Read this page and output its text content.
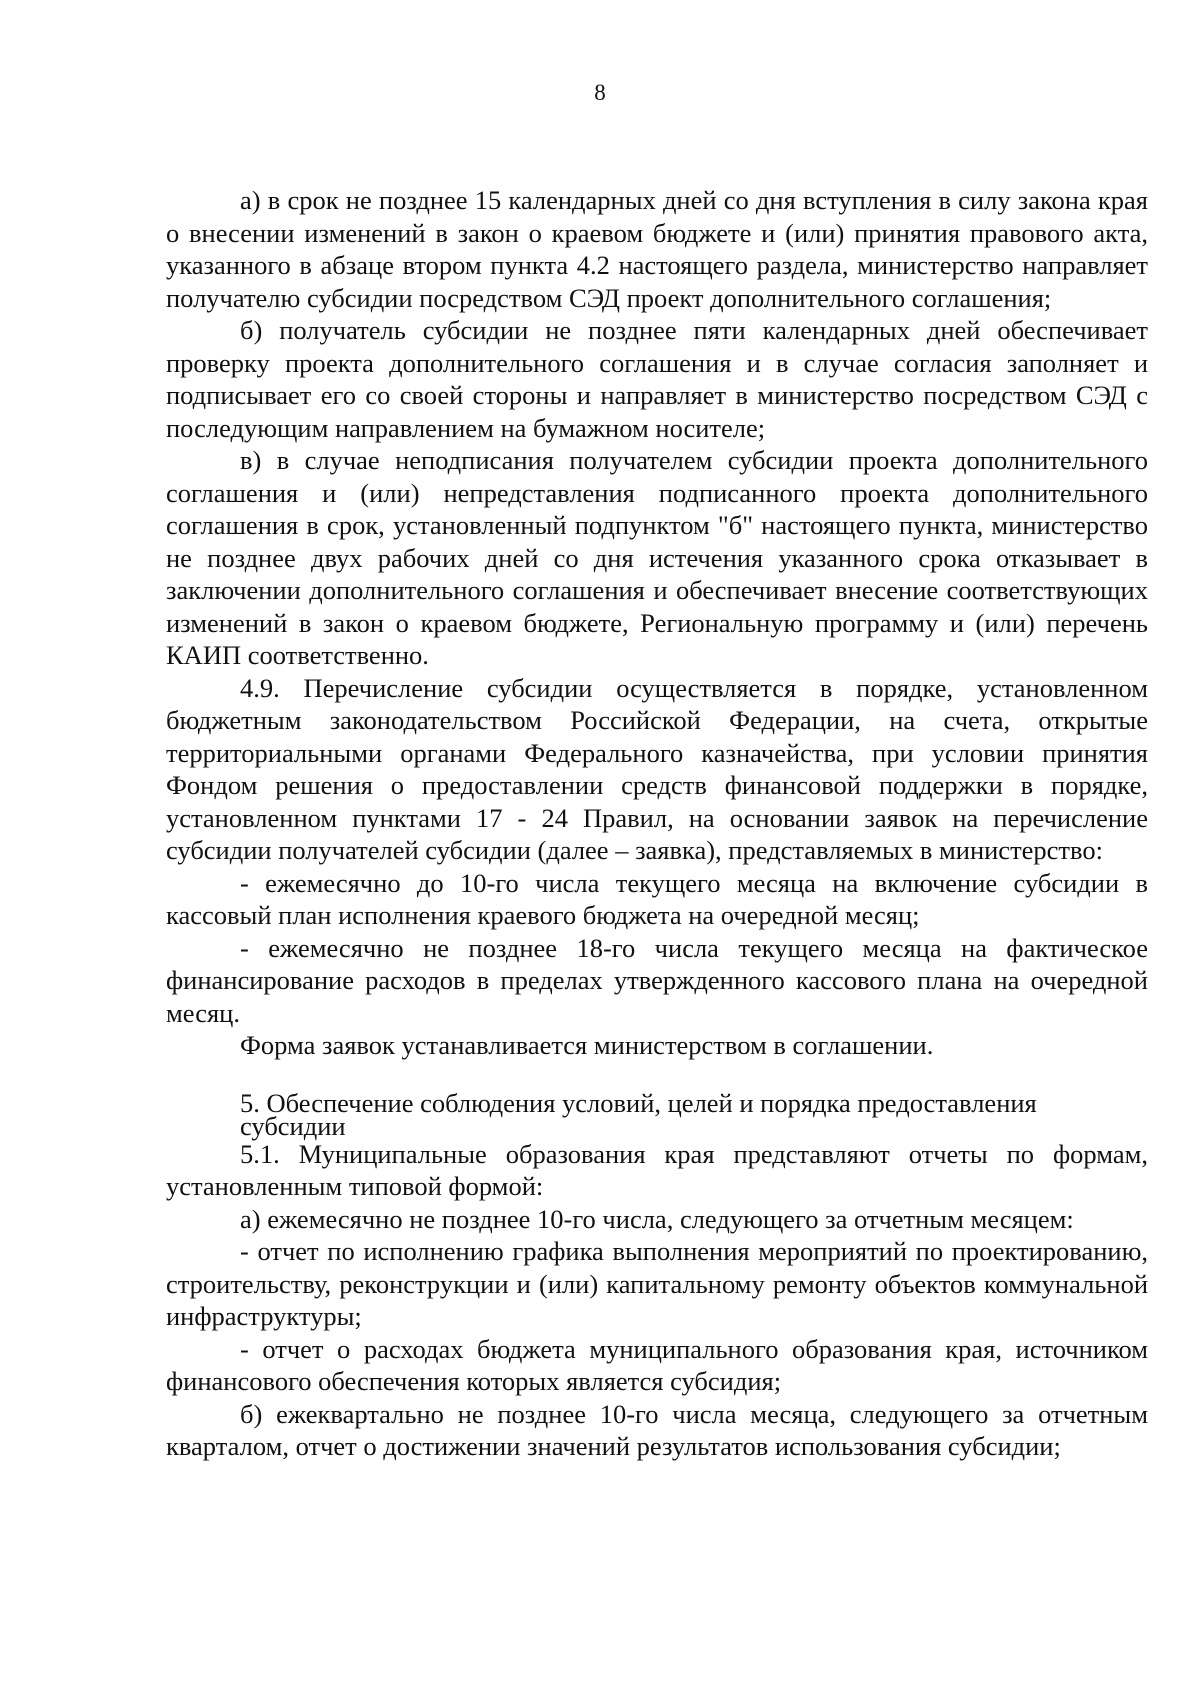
8

а) в срок не позднее 15 календарных дней со дня вступления в силу закона края о внесении изменений в закон о краевом бюджете и (или) принятия правового акта, указанного в абзаце втором пункта 4.2 настоящего раздела, министерство направляет получателю субсидии посредством СЭД проект дополнительного соглашения;

б) получатель субсидии не позднее пяти календарных дней обеспечивает проверку проекта дополнительного соглашения и в случае согласия заполняет и подписывает его со своей стороны и направляет в министерство посредством СЭД с последующим направлением на бумажном носителе;

в) в случае неподписания получателем субсидии проекта дополнительного соглашения и (или) непредставления подписанного проекта дополнительного соглашения в срок, установленный подпунктом "б" настоящего пункта, министерство не позднее двух рабочих дней со дня истечения указанного срока отказывает в заключении дополнительного соглашения и обеспечивает внесение соответствующих изменений в закон о краевом бюджете, Региональную программу и (или) перечень КАИП соответственно.

4.9. Перечисление субсидии осуществляется в порядке, установленном бюджетным законодательством Российской Федерации, на счета, открытые территориальными органами Федерального казначейства, при условии принятия Фондом решения о предоставлении средств финансовой поддержки в порядке, установленном пунктами 17 - 24 Правил, на основании заявок на перечисление субсидии получателей субсидии (далее – заявка), представляемых в министерство:

- ежемесячно до 10-го числа текущего месяца на включение субсидии в кассовый план исполнения краевого бюджета на очередной месяц;

- ежемесячно не позднее 18-го числа текущего месяца на фактическое финансирование расходов в пределах утвержденного кассового плана на очередной месяц.

Форма заявок устанавливается министерством в соглашении.

5. Обеспечение соблюдения условий, целей и порядка предоставления
субсидии

5.1. Муниципальные образования края представляют отчеты по формам, установленным типовой формой:

а) ежемесячно не позднее 10-го числа, следующего за отчетным месяцем:

- отчет по исполнению графика выполнения мероприятий по проектированию, строительству, реконструкции и (или) капитальному ремонту объектов коммунальной инфраструктуры;

- отчет о расходах бюджета муниципального образования края, источником финансового обеспечения которых является субсидия;

б) ежеквартально не позднее 10-го числа месяца, следующего за отчетным кварталом, отчет о достижении значений результатов использования субсидии;
